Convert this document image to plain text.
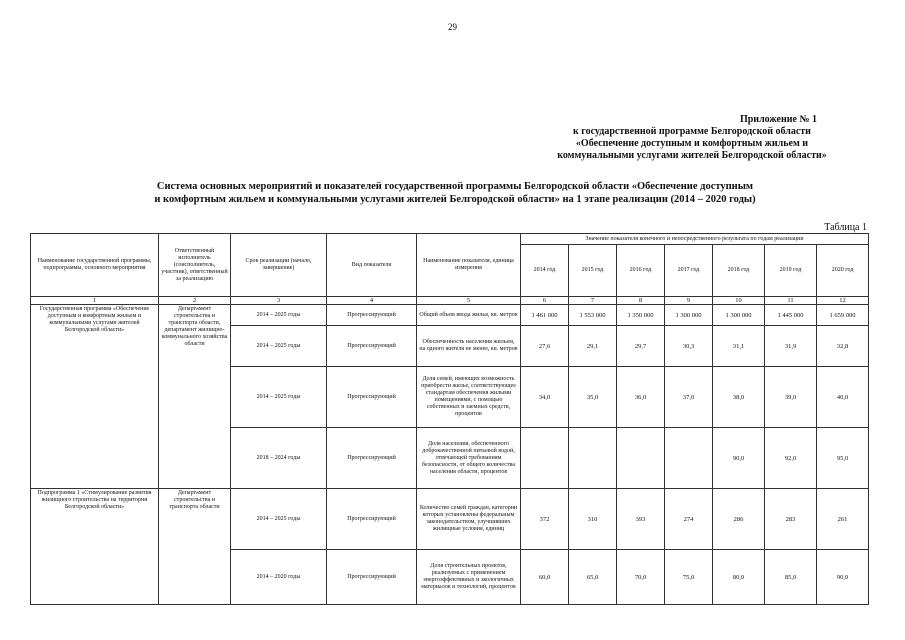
29
Приложение № 1
к государственной программе Белгородской области
«Обеспечение доступным и комфортным жильем и
коммунальными услугами жителей Белгородской области»
Система основных мероприятий и показателей государственной программы Белгородской области «Обеспечение доступным
и комфортным жильем и коммунальными услугами жителей Белгородской области» на 1 этапе реализации (2014 – 2020 годы)
Таблица 1
Наименование государственной программы, подпрограммы, основного мероприятия	Ответственный исполнитель (соисполнитель, участник), ответственный за реализацию	Срок реализации (начало, завершение)	Вид показателя	Наименование показателя, единица измерения	Значение показателя конечного и непосредственного результата по годам реализации						
					2014 год	2015 год	2016 год	2017 год	2018 год	2019 год	2020 год
1	2	3	4	5	6	7	8	9	10	11	12
Государственная программа «Обеспечение доступным и комфортным жильем и коммунальными услугами жителей Белгородской области»	Департамент строительства и транспорта области, департамент жилищно-коммунального хозяйства области	2014 – 2025 годы	Прогрессирующий	Общий объем ввода жилья, кв. метров	1 461 000	1 553 000	1 350 000	1 300 000	1 300 000	1 445 000	1 659 000
		2014 – 2025 годы	Прогрессирующий	Обеспеченность населения жильем, на одного жителя не менее, кв. метров	27,6	29,1	29,7	30,3	31,1	31,9	32,8
		2014 – 2025 годы	Прогрессирующий	Доля семей, имеющих возможность приобрести жилье, соответствующее стандартам обеспечения жилыми помещениями, с помощью собственных и заемных средств, процентов	34,0	35,0	36,0	37,0	38,0	39,0	40,0
		2018 – 2024 годы	Прогрессирующий	Доля населения, обеспеченного доброкачественной питьевой водой, отвечающей требованиям безопасности, от общего количества населения области, процентов					90,0	92,0	95,0
Подпрограмма 1 «Стимулирование развития жилищного строительства на территории Белгородской области»	Департамент строительства и транспорта области	2014 – 2025 годы	Прогрессирующий	Количество семей граждан, категории которых установлены федеральным законодательством, улучшивших жилищные условия, единиц	372	310	393	274	286	283	261
		2014 – 2020 годы	Прогрессирующий	Доля строительных проектов, реализуемых с применением энергоэффективных и экологичных материалов и технологий, процентов	60,0	65,0	70,0	75,0	80,0	85,0	90,0
